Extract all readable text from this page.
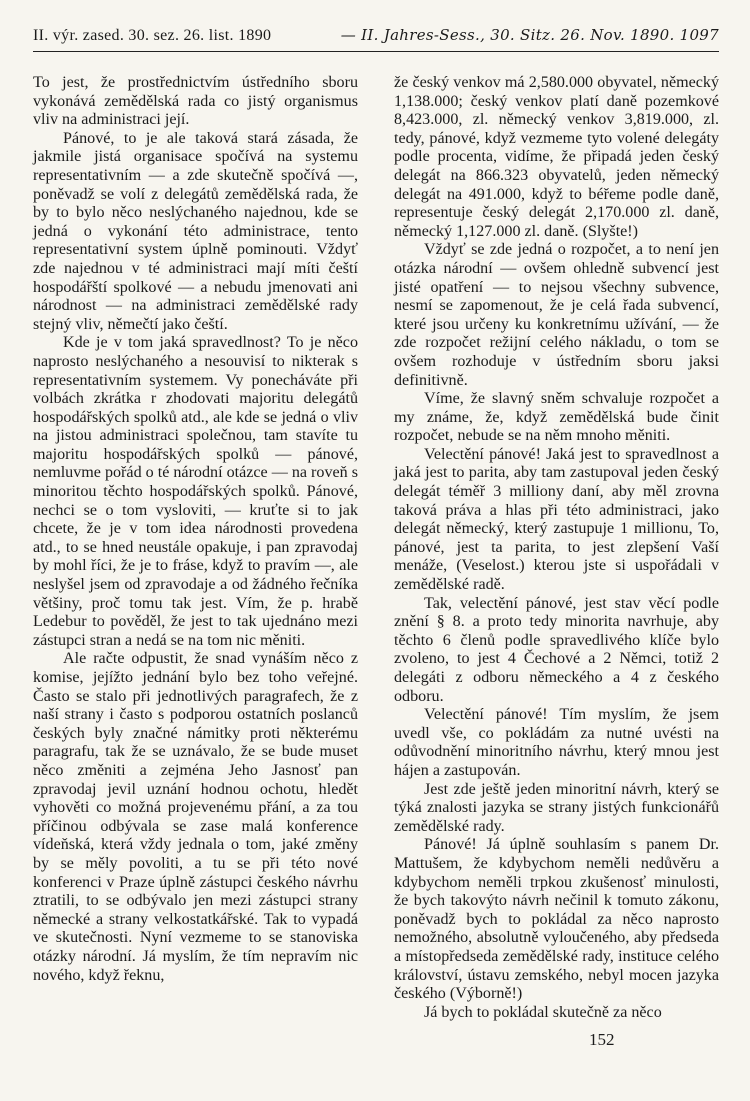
II. výr. zased. 30. sez. 26. list. 1890	— II. Jahres-Sess., 30. Sitz. 26. Nov. 1890. 1097

To jest, že prostřednictvím ústředního sboru vykonává zemědělská rada co jistý organismus vliv na administraci její.

Pánové, to je ale taková stará zásada, že jakmile jistá organisace spočívá na systemu representativním — a zde skutečně spočívá —, poněvadž se volí z delegátů zemědělská rada, že by to bylo něco neslýchaného najednou, kde se jedná o vykonání této administrace, tento representativní system úplně pominouti. Vždyť zde najednou v té administraci mají míti čeští hospodářští spolkové — a nebudu jmenovati ani národnost — na administraci zemědělské rady stejný vliv, němečtí jako čeští.

Kde je v tom jaká spravedlnost? To je něco naprosto neslýchaného a nesouvisí to nikterak s representativním systemem. Vy ponecháváte při volbách zkrátka r zhodovati majoritu delegátů hospodářských spolků atd., ale kde se jedná o vliv na jistou administraci společnou, tam stavíte tu majoritu hospodářských spolků — pánové, nemluvme pořád o té národní otázce — na roveň s minoritou těchto hospodářských spolků. Pánové, nechci se o tom vysloviti, — kruťte si to jak chcete, že je v tom idea národnosti provedena atd., to se hned neustále opakuje, i pan zpravodaj by mohl říci, že je to fráse, když to pravím —, ale neslyšel jsem od zpravodaje a od žádného řečníka většiny, proč tomu tak jest. Vím, že p. hrabě Ledebur to pověděl, že jest to tak ujednáno mezi zástupci stran a nedá se na tom nic měniti.

Ale račte odpustit, že snad vynáším něco z komise, jejížto jednání bylo bez toho veřejné. Často se stalo při jednotlivých paragrafech, že z naší strany i často s podporou ostatních poslanců českých byly značné námitky proti některému paragrafu, tak že se uznávalo, že se bude muset něco změniti a zejména Jeho Jasnosť pan zpravodaj jevil uznání hodnou ochotu, hledět vyhověti co možná projevenému přání, a za tou příčinou odbývala se zase malá konference vídeňská, která vždy jednala o tom, jaké změny by se měly povoliti, a tu se při této nové konferenci v Praze úplně zástupci českého návrhu ztratili, to se odbývalo jen mezi zástupci strany německé a strany velkostatkářské. Tak to vypadá ve skutečnosti. Nyní vezmeme to se stanoviska otázky národní. Já myslím, že tím nepravím nic nového, když řeknu,

že český venkov má 2,580.000 obyvatel, německý 1,138.000; český venkov platí daně pozemkové 8,423.000, zl. německý venkov 3,819.000, zl. tedy, pánové, když vezmeme tyto volené delegáty podle procenta, vidíme, že připadá jeden český delegát na 866.323 obyvatelů, jeden německý delegát na 491.000, když to béřeme podle daně, representuje český delegát 2,170.000 zl. daně, německý 1,127.000 zl. daně. (Slyšte!)

Vždyť se zde jedná o rozpočet, a to není jen otázka národní — ovšem ohledně subvencí jest jisté opatření — to nejsou všechny subvence, nesmí se zapomenout, že je celá řada subvencí, které jsou určeny ku konkretnímu užívání, — že zde rozpočet režijní celého nákladu, o tom se ovšem rozhoduje v ústředním sboru jaksi definitivně.

Víme, že slavný sněm schvaluje rozpočet a my známe, že, když zemědělská bude činit rozpočet, nebude se na něm mnoho měniti.

Velectění pánové! Jaká jest to spravedlnost a jaká jest to parita, aby tam zastupoval jeden český delegát téměř 3 milliony daní, aby měl zrovna taková práva a hlas při této administraci, jako delegát německý, který zastupuje 1 millionu, To, pánové, jest ta parita, to jest zlepšení Vaší menáže, (Veselost.) kterou jste si uspořádali v zemědělské radě.

Tak, velectění pánové, jest stav věcí podle znění § 8. a proto tedy minorita navrhuje, aby těchto 6 členů podle spravedlivého klíče bylo zvoleno, to jest 4 Čechové a 2 Němci, totiž 2 delegáti z odboru německého a 4 z českého odboru.

Velectění pánové! Tím myslím, že jsem uvedl vše, co pokládám za nutné uvésti na odůvodnění minoritního návrhu, který mnou jest hájen a zastupován.

Jest zde ještě jeden minoritní návrh, který se týká znalosti jazyka se strany jistých funkcionářů zemědělské rady.

Pánové! Já úplně souhlasím s panem Dr. Mattušem, že kdybychom neměli nedůvěru a kdybychom neměli trpkou zkušenosť minulosti, že bych takovýto návrh nečinil k tomuto zákonu, poněvadž bych to pokládal za něco naprosto nemožného, absolutně vyloučeného, aby předseda a místopředseda zemědělské rady, instituce celého království, ústavu zemského, nebyl mocen jazyka českého (Výborně!)

Já bych to pokládal skutečně za něco

152
